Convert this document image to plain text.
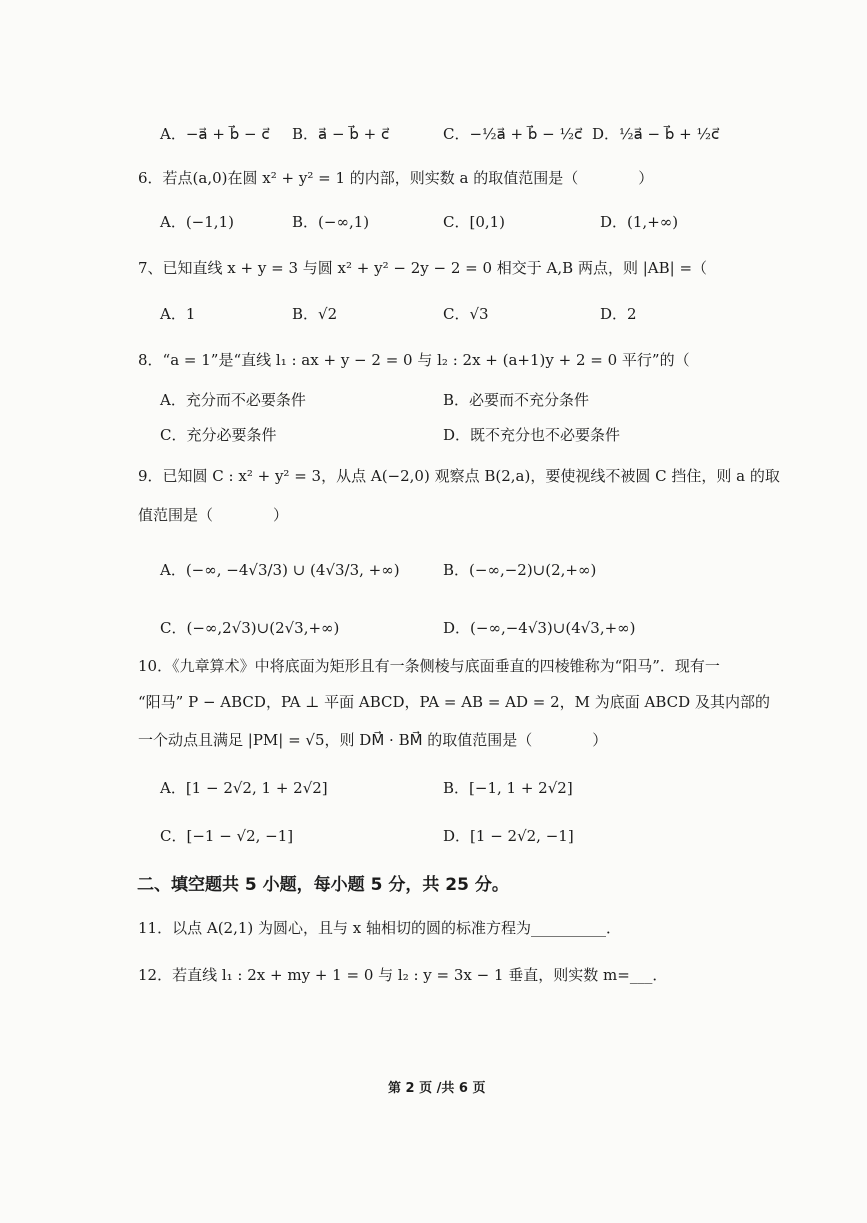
A．−a⃗ + b⃗ − c⃗ B．a⃗ − b⃗ + c⃗	C．−½a⃗ + b⃗ − ½c⃗ D．½a⃗ − b⃗ + ½c⃗
6．若点(a,0)在圆 x² + y² = 1 的内部，则实数 a 的取值范围是（　　　　）
A．(−1,1)	B．(−∞,1)	C．[0,1)	D．(1,+∞)
7、已知直线 x + y = 3 与圆 x² + y² − 2y − 2 = 0 相交于 A,B 两点，则 |AB| =（
A．1	B．√2	C．√3	D．2
8．“a = 1”是“直线 l₁ : ax + y − 2 = 0 与 l₂ : 2x + (a+1)y + 2 = 0 平行”的（
A．充分而不必要条件	B．必要而不充分条件
C．充分必要条件	D．既不充分也不必要条件
9．已知圆 C : x² + y² = 3，从点 A(−2,0) 观察点 B(2,a)，要使视线不被圆 C 挡住，则 a 的取
值范围是（　　　　）
A．(−∞, −4√3/3) ∪ (4√3/3, +∞)	B．(−∞,−2)∪(2,+∞)
C．(−∞,2√3)∪(2√3,+∞)	D．(−∞,−4√3)∪(4√3,+∞)
10．《九章算术》中将底面为矩形且有一条侧棱与底面垂直的四棱锥称为“阳马”．现有一
“阳马” P − ABCD，PA ⊥ 平面 ABCD，PA = AB = AD = 2，M 为底面 ABCD 及其内部的
一个动点且满足 |PM| = √5，则 DM⃗ · BM⃗ 的取值范围是（　　　　）
A．[1 − 2√2, 1 + 2√2]	B．[−1, 1 + 2√2]
C．[−1 − √2, −1]	D．[1 − 2√2, −1]
二、填空题共 5 小题，每小题 5 分，共 25 分。
11．以点 A(2,1) 为圆心，且与 x 轴相切的圆的标准方程为__________．
12．若直线 l₁ : 2x + my + 1 = 0 与 l₂ : y = 3x − 1 垂直，则实数 m=___．
第 2 页 /共 6 页
